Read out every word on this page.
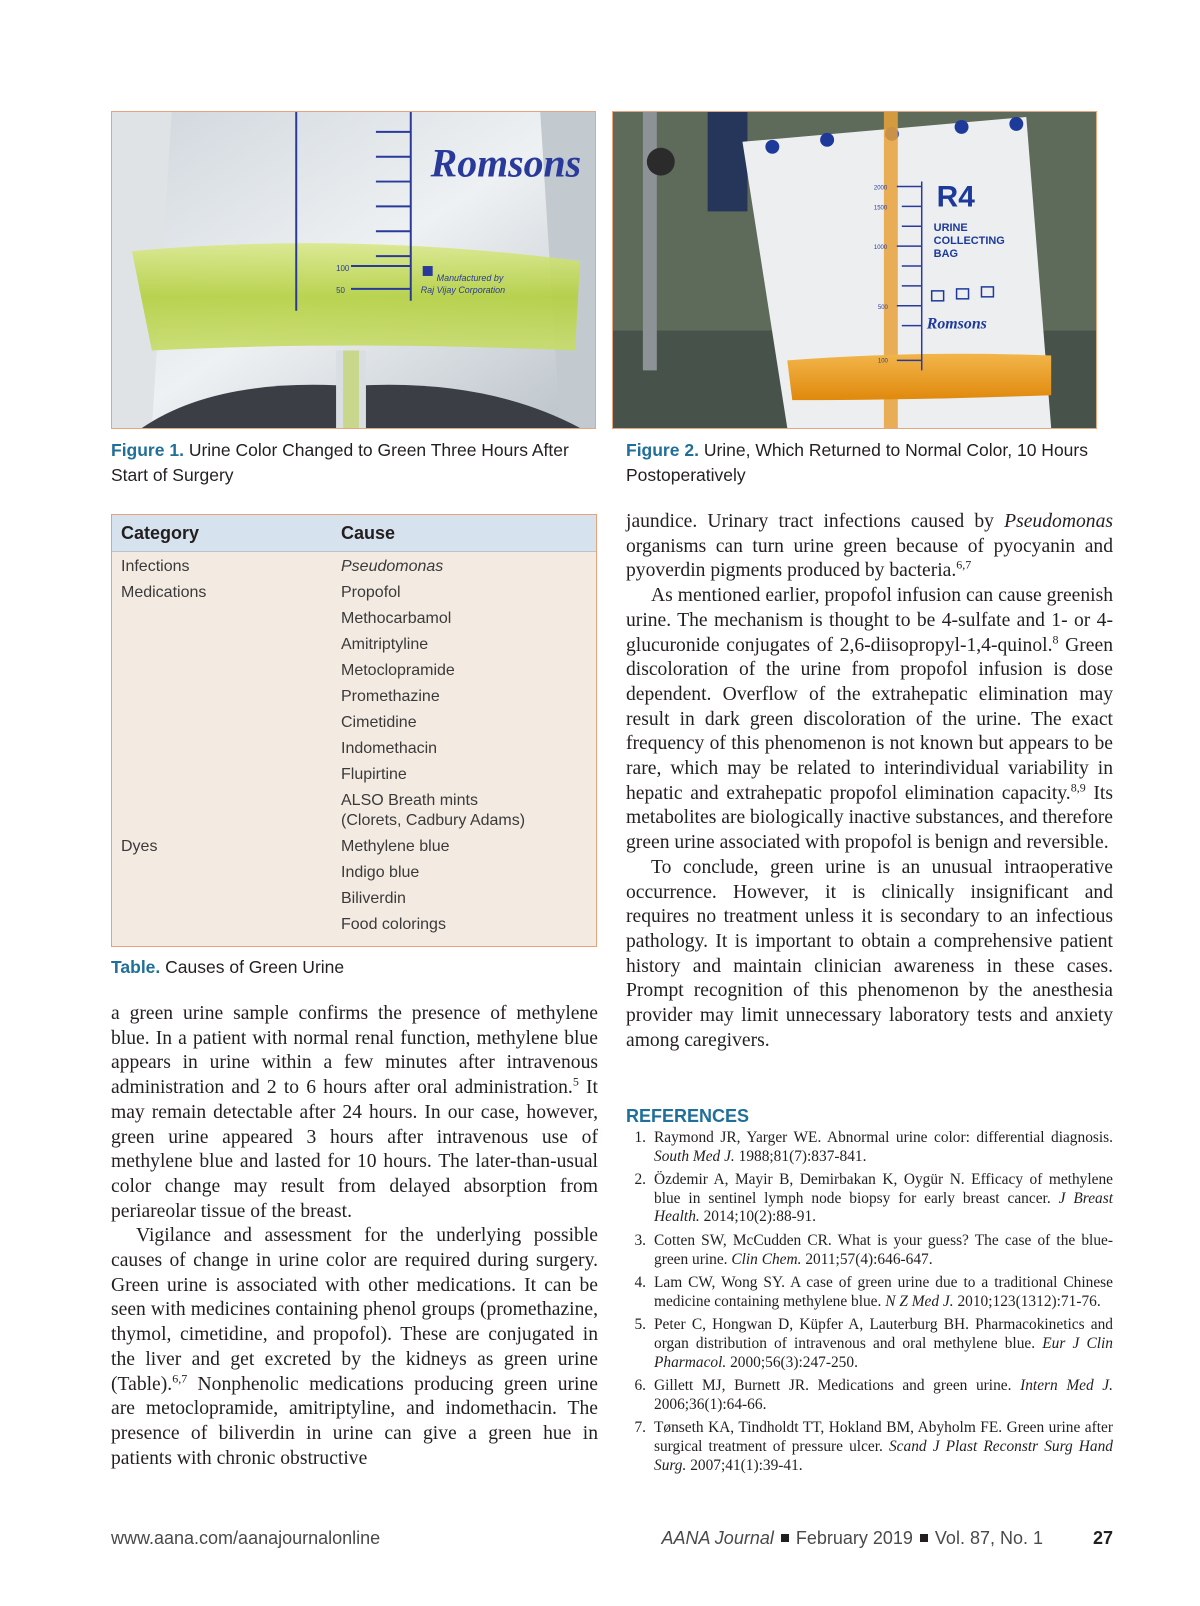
Romsons
100
50
Manufactured by
Raj Vijay Corporation
2000
1500
1000
500
100
R4
URINE
COLLECTING
BAG
Romsons
Figure 1. Urine Color Changed to Green Three Hours After Start of Surgery
Figure 2. Urine, Which Returned to Normal Color, 10 Hours Postoperatively
Category	Cause
Infections	Pseudomonas
Medications	Propofol
Methocarbamol
Amitriptyline
Metoclopramide
Promethazine
Cimetidine
Indomethacin
Flupirtine
ALSO Breath mints (Clorets, Cadbury Adams)
Dyes	Methylene blue
Indigo blue
Biliverdin
Food colorings
Table. Causes of Green Urine

a green urine sample confirms the presence of methylene blue. In a patient with normal renal function, methylene blue appears in urine within a few minutes after intravenous administration and 2 to 6 hours after oral administration.$^5$ It may remain detectable after 24 hours. In our case, however, green urine appeared 3 hours after intravenous use of methylene blue and lasted for 10 hours. The later-than-usual color change may result from delayed absorption from periareolar tissue of the breast.

Vigilance and assessment for the underlying possible causes of change in urine color are required during surgery. Green urine is associated with other medications. It can be seen with medicines containing phenol groups (promethazine, thymol, cimetidine, and propofol). These are conjugated in the liver and get excreted by the kidneys as green urine (Table).$^{6,7}$ Nonphenolic medications producing green urine are metoclopramide, amitriptyline, and indomethacin. The presence of biliverdin in urine can give a green hue in patients with chronic obstructive

jaundice. Urinary tract infections caused by Pseudomonas organisms can turn urine green because of pyocyanin and pyoverdin pigments produced by bacteria.$^{6,7}$

As mentioned earlier, propofol infusion can cause greenish urine. The mechanism is thought to be 4-sulfate and 1- or 4-glucuronide conjugates of 2,6-diisopropyl-1,4-quinol.$^8$ Green discoloration of the urine from propofol infusion is dose dependent. Overflow of the extrahepatic elimination may result in dark green discoloration of the urine. The exact frequency of this phenomenon is not known but appears to be rare, which may be related to interindividual variability in hepatic and extrahepatic propofol elimination capacity.$^{8,9}$ Its metabolites are biologically inactive substances, and therefore green urine associated with propofol is benign and reversible.

To conclude, green urine is an unusual intraoperative occurrence. However, it is clinically insignificant and requires no treatment unless it is secondary to an infectious pathology. It is important to obtain a comprehensive patient history and maintain clinician awareness in these cases. Prompt recognition of this phenomenon by the anesthesia provider may limit unnecessary laboratory tests and anxiety among caregivers.

REFERENCES
1. Raymond JR, Yarger WE. Abnormal urine color: differential diagnosis. South Med J. 1988;81(7):837-841.
2. Özdemir A, Mayir B, Demirbakan K, Oygür N. Efficacy of methylene blue in sentinel lymph node biopsy for early breast cancer. J Breast Health. 2014;10(2):88-91.
3. Cotten SW, McCudden CR. What is your guess? The case of the blue-green urine. Clin Chem. 2011;57(4):646-647.
4. Lam CW, Wong SY. A case of green urine due to a traditional Chinese medicine containing methylene blue. N Z Med J. 2010;123(1312):71-76.
5. Peter C, Hongwan D, Küpfer A, Lauterburg BH. Pharmacokinetics and organ distribution of intravenous and oral methylene blue. Eur J Clin Pharmacol. 2000;56(3):247-250.
6. Gillett MJ, Burnett JR. Medications and green urine. Intern Med J. 2006;36(1):64-66.
7. Tønseth KA, Tindholdt TT, Hokland BM, Abyholm FE. Green urine after surgical treatment of pressure ulcer. Scand J Plast Reconstr Surg Hand Surg. 2007;41(1):39-41.
www.aana.com/aanajournalonline	AANA Journal February 2019 Vol. 87, No. 1	27
